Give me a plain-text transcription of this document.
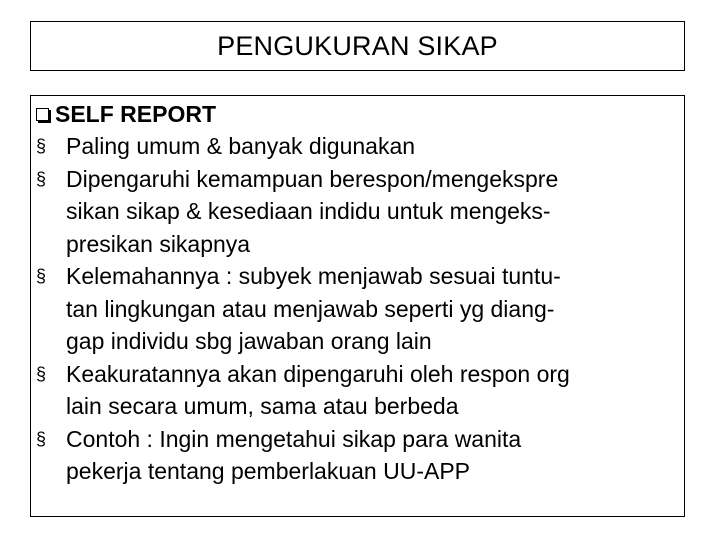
PENGUKURAN SIKAP
SELF REPORT
§ Paling umum & banyak digunakan
§ Dipengaruhi kemampuan berespon/mengekspre
sikan sikap & kesediaan indidu untuk mengeks-
presikan sikapnya
§ Kelemahannya : subyek menjawab sesuai tuntu-
tan lingkungan atau menjawab seperti yg diang-
gap individu sbg jawaban orang lain
§ Keakuratannya akan dipengaruhi oleh respon org
lain secara umum, sama atau berbeda
§ Contoh : Ingin mengetahui sikap para wanita
pekerja tentang pemberlakuan UU-APP
